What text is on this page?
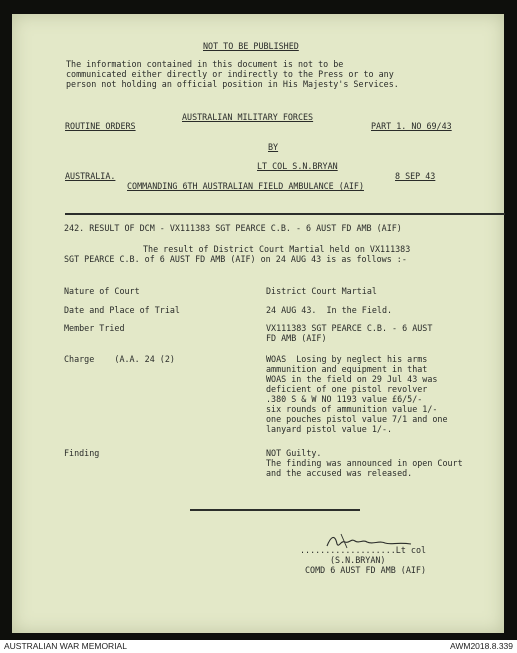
NOT TO BE PUBLISHED
The information contained in this document is not to be
communicated either directly or indirectly to the Press or to any
person not holding an official position in His Majesty's Services.
AUSTRALIAN MILITARY FORCES
ROUTINE ORDERS	PART 1. NO 69/43
BY
LT COL S.N.BRYAN
AUSTRALIA.	8 SEP 43
COMMANDING 6TH AUSTRALIAN FIELD AMBULANCE (AIF)
242. RESULT OF DCM - VX111383 SGT PEARCE C.B. - 6 AUST FD AMB (AIF)
The result of District Court Martial held on VX111383
SGT PEARCE C.B. of 6 AUST FD AMB (AIF) on 24 AUG 43 is as follows :-
Nature of Court	District Court Martial
Date and Place of Trial	24 AUG 43.  In the Field.
Member Tried	VX111383 SGT PEARCE C.B. - 6 AUST
FD AMB (AIF)
Charge    (A.A. 24 (2)	WOAS  Losing by neglect his arms
ammunition and equipment in that
WOAS in the field on 29 Jul 43 was
deficient of one pistol revolver
.380 S & W NO 1193 value £6/5/-
six rounds of ammunition value 1/-
one pouches pistol value 7/1 and one
lanyard pistol value 1/-.
Finding	NOT Guilty.
The finding was announced in open Court
and the accused was released.
...................Lt col
(S.N.BRYAN)
COMD 6 AUST FD AMB (AIF)
AUSTRALIAN WAR MEMORIAL	AWM2018.8.339
